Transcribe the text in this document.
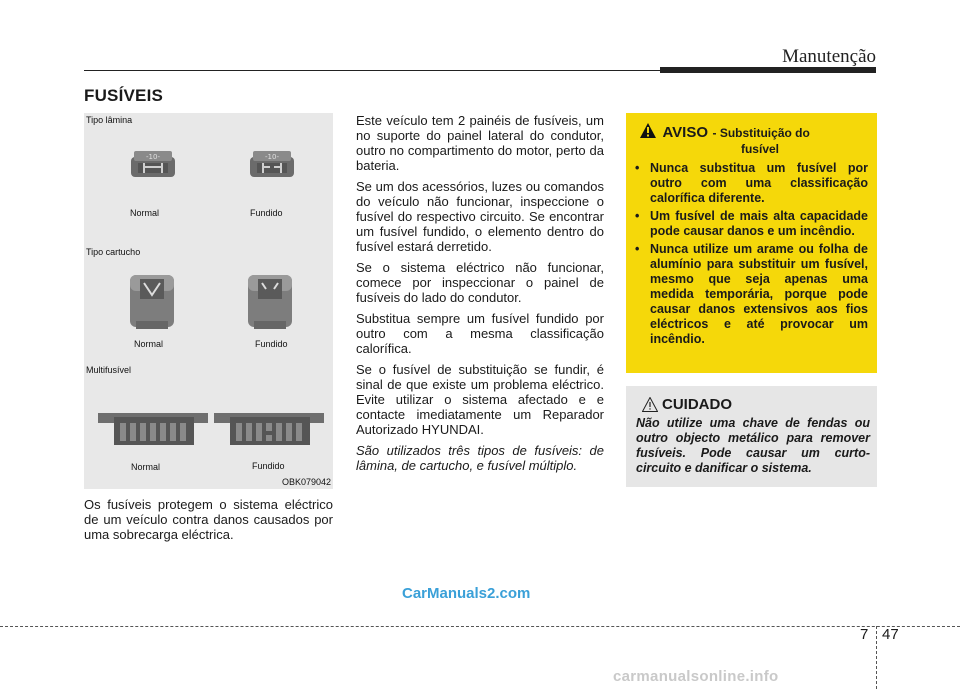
Manutenção
FUSÍVEIS
Tipo lâmina
-10-	-10-
Normal	Fundido
Tipo cartucho
Normal	Fundido
Multifusível
Normal	Fundido
OBK079042

Os fusíveis protegem o sistema eléctrico de um veículo contra danos causados por uma sobrecarga eléctrica.

Este veículo tem 2 painéis de fusíveis, um no suporte do painel lateral do condutor, outro no compartimento do motor, perto da bateria.

Se um dos acessórios, luzes ou comandos do veículo não funcionar, inspeccione o fusível do respectivo circuito. Se encontrar um fusível fundido, o elemento dentro do fusível estará derretido.

Se o sistema eléctrico não funcionar, comece por inspeccionar o painel de fusíveis do lado do condutor.

Substitua sempre um fusível fundido por outro com a mesma classificação calorífica.

Se o fusível de substituição se fundir, é sinal de que existe um problema eléctrico. Evite utilizar o sistema afectado e e contacte imediatamente um Reparador Autorizado HYUNDAI.

São utilizados três tipos de fusíveis: de lâmina, de cartucho, e fusível múltiplo.

AVISO - Substituição do
fusível
• Nunca substitua um fusível por outro com uma classificação calorífica diferente.
• Um fusível de mais alta capacidade pode causar danos e um incêndio.
• Nunca utilize um arame ou folha de alumínio para substituir um fusível, mesmo que seja apenas uma medida temporária, porque pode causar danos extensivos aos fios eléctricos e até provocar um incêndio.
CUIDADO
Não utilize uma chave de fendas ou outro objecto metálico para remover fusíveis. Pode causar um curto-circuito e danificar o sistema.
CarManuals2.com
7 47
carmanualsonline.info
